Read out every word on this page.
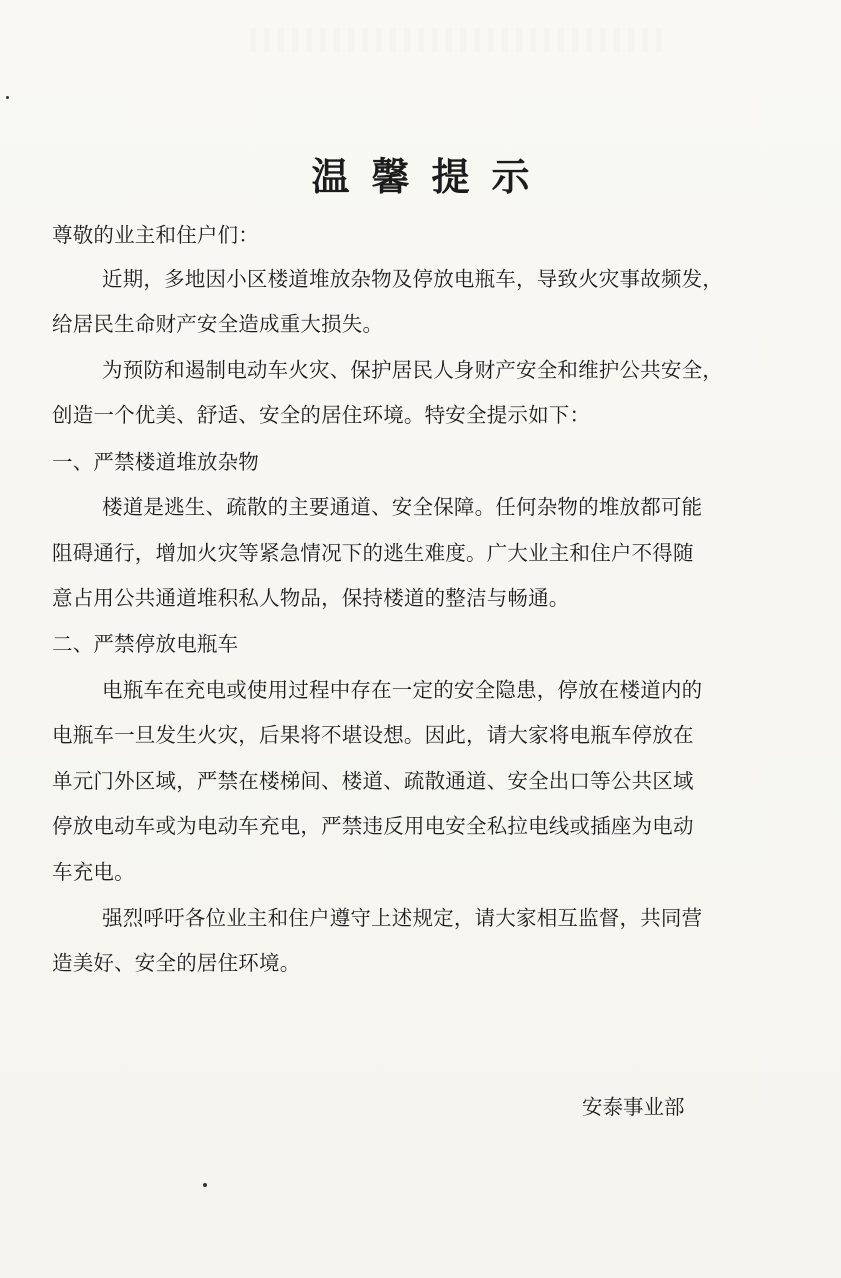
温馨提示
尊敬的业主和住户们：
近期，多地因小区楼道堆放杂物及停放电瓶车，导致火灾事故频发，
给居民生命财产安全造成重大损失。
为预防和遏制电动车火灾、保护居民人身财产安全和维护公共安全，
创造一个优美、舒适、安全的居住环境。特安全提示如下：
一、严禁楼道堆放杂物
楼道是逃生、疏散的主要通道、安全保障。任何杂物的堆放都可能
阻碍通行，增加火灾等紧急情况下的逃生难度。广大业主和住户不得随
意占用公共通道堆积私人物品，保持楼道的整洁与畅通。
二、严禁停放电瓶车
电瓶车在充电或使用过程中存在一定的安全隐患，停放在楼道内的
电瓶车一旦发生火灾，后果将不堪设想。因此，请大家将电瓶车停放在
单元门外区域，严禁在楼梯间、楼道、疏散通道、安全出口等公共区域
停放电动车或为电动车充电，严禁违反用电安全私拉电线或插座为电动
车充电。
强烈呼吁各位业主和住户遵守上述规定，请大家相互监督，共同营
造美好、安全的居住环境。
安泰事业部
